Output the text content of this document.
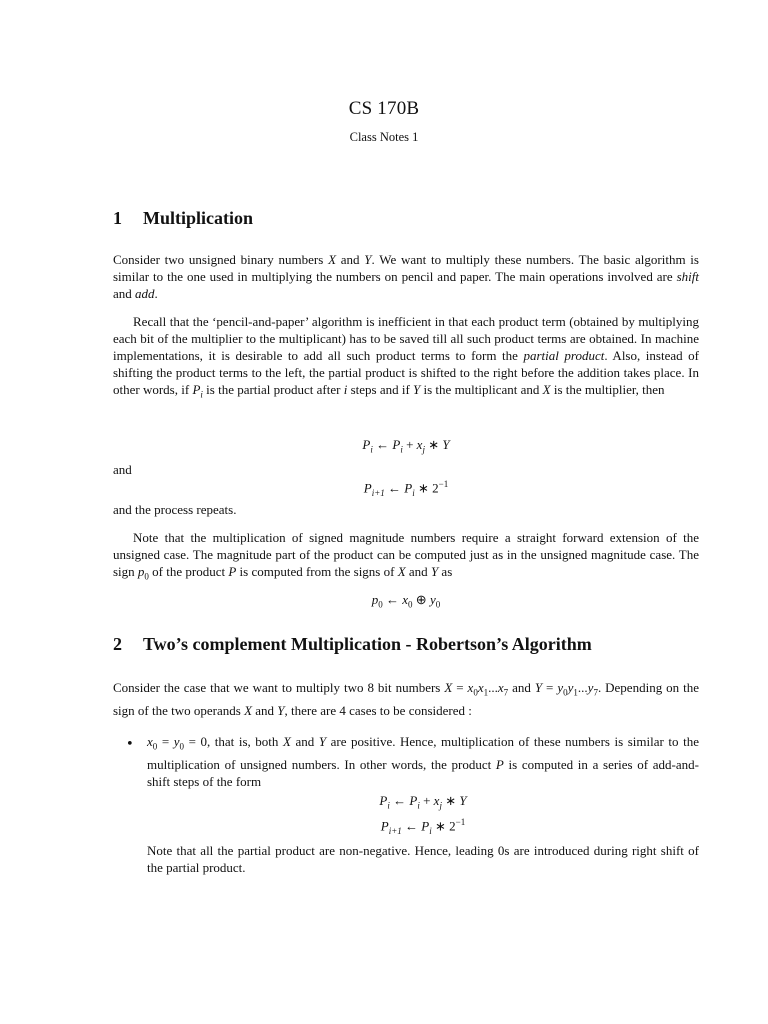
CS 170B
Class Notes 1
1 Multiplication
Consider two unsigned binary numbers X and Y. We want to multiply these numbers. The basic algorithm is similar to the one used in multiplying the numbers on pencil and paper. The main operations involved are shift and add.
Recall that the ‘pencil-and-paper’ algorithm is inefficient in that each product term (obtained by multiplying each bit of the multiplier to the multiplicant) has to be saved till all such product terms are obtained. In machine implementations, it is desirable to add all such product terms to form the partial product. Also, instead of shifting the product terms to the left, the partial product is shifted to the right before the addition takes place. In other words, if $P_i$ is the partial product after i steps and if Y is the multiplicant and X is the multiplier, then
$P_i$ ← $P_i + x_j$ ∗ Y
and
$P_{i+1}$ ← $P_i$ ∗ $2^{-1}$
and the process repeats.
Note that the multiplication of signed magnitude numbers require a straight forward extension of the unsigned case. The magnitude part of the product can be computed just as in the unsigned magnitude case. The sign $p_0$ of the product P is computed from the signs of X and Y as
$p_0$ ← $x_0$ ⊕ $y_0$
2 Two’s complement Multiplication - Robertson’s Algorithm
Consider the case that we want to multiply two 8 bit numbers $X = x_0x_1...x_7$ and $Y = y_0y_1...y_7$. Depending on the sign of the two operands X and Y, there are 4 cases to be considered :
• $x_0 = y_0 = 0$, that is, both X and Y are positive. Hence, multiplication of these numbers is similar to the multiplication of unsigned numbers. In other words, the product P is computed in a series of add-and-shift steps of the form
$P_i$ ← $P_i + x_j$ ∗ Y
$P_{i+1}$ ← $P_i$ ∗ $2^{-1}$
Note that all the partial product are non-negative. Hence, leading 0s are introduced during right shift of the partial product.
